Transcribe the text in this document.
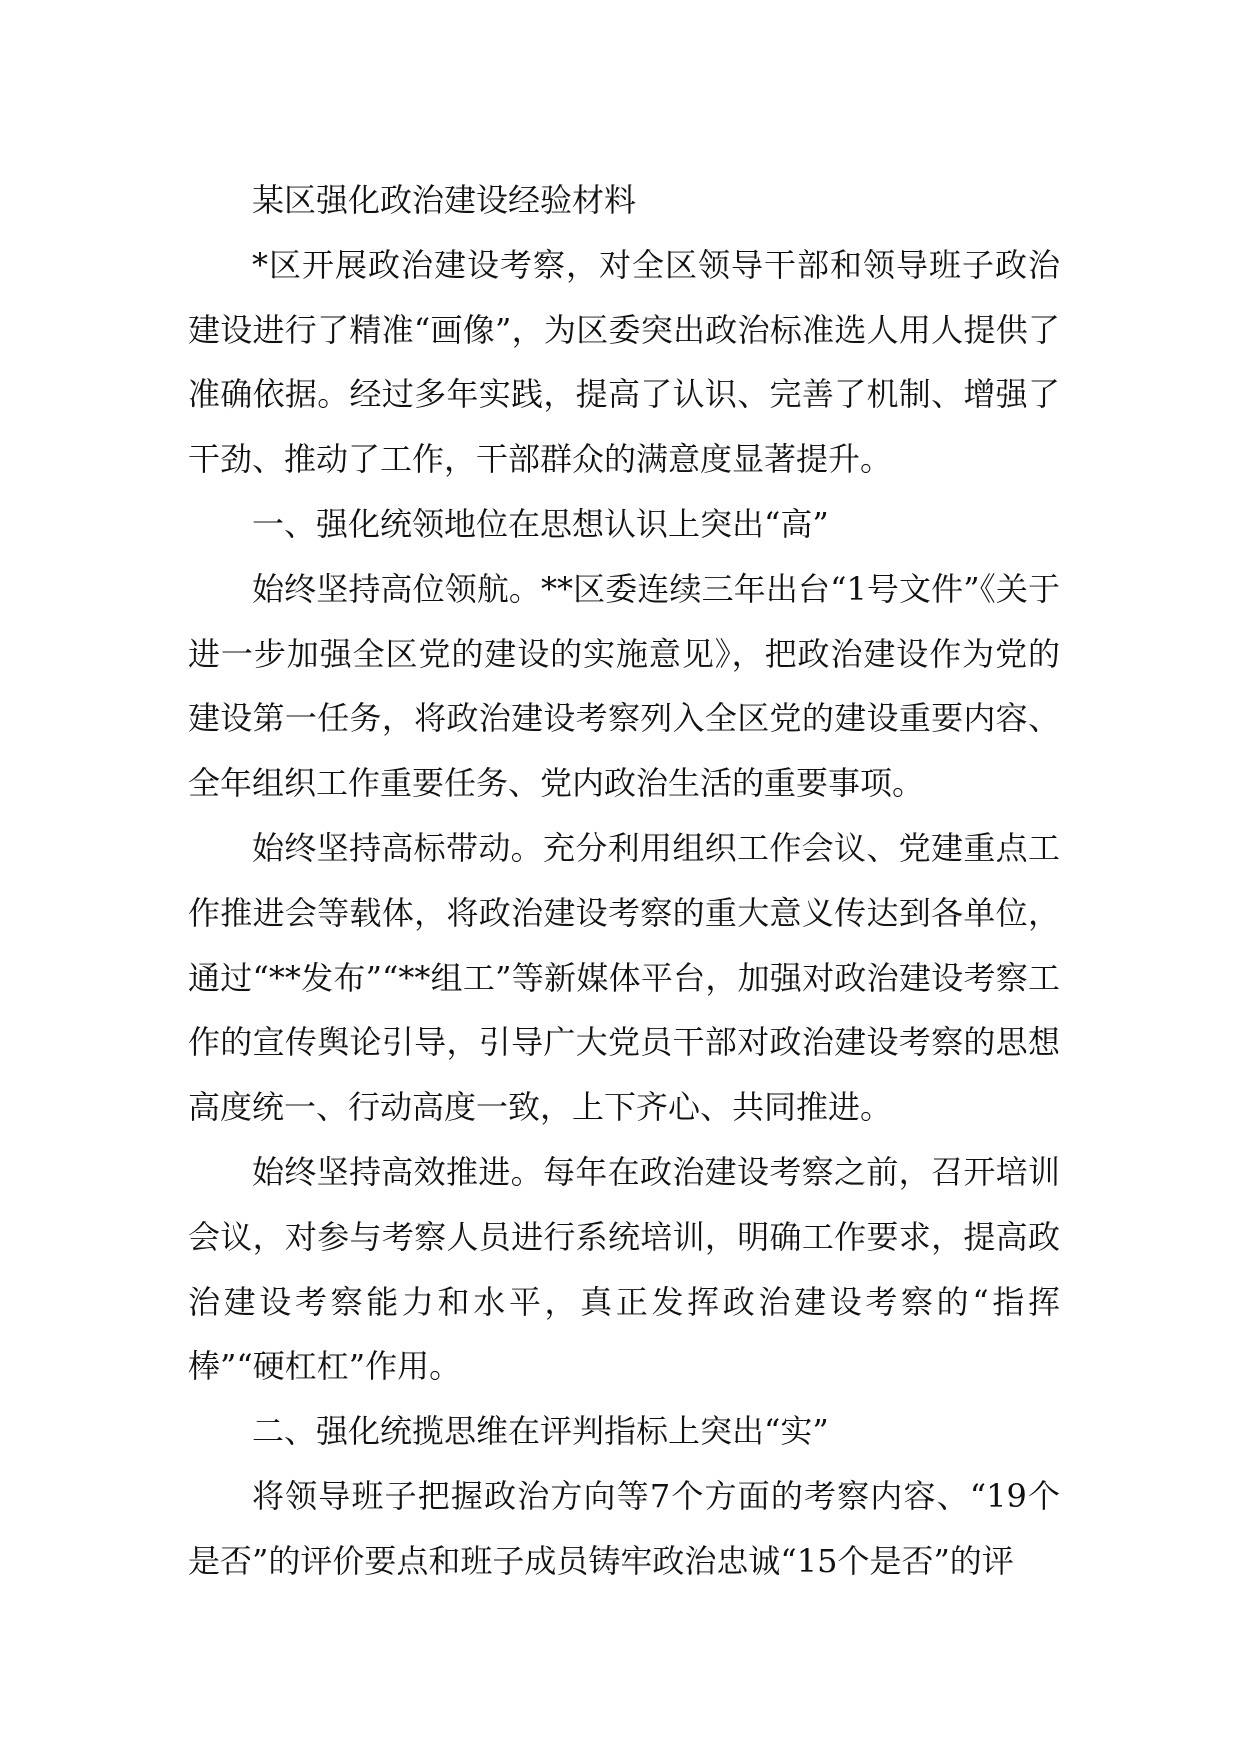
某区强化政治建设经验材料

*区开展政治建设考察，对全区领导干部和领导班子政治建设进行了精准“画像”，为区委突出政治标准选人用人提供了准确依据。经过多年实践，提高了认识、完善了机制、增强了干劲、推动了工作，干部群众的满意度显著提升。

一、强化统领地位在思想认识上突出“高”

始终坚持高位领航。**区委连续三年出台“1号文件”《关于进一步加强全区党的建设的实施意见》，把政治建设作为党的建设第一任务，将政治建设考察列入全区党的建设重要内容、全年组织工作重要任务、党内政治生活的重要事项。

始终坚持高标带动。充分利用组织工作会议、党建重点工作推进会等载体，将政治建设考察的重大意义传达到各单位，通过“**发布”“**组工”等新媒体平台，加强对政治建设考察工作的宣传舆论引导，引导广大党员干部对政治建设考察的思想高度统一、行动高度一致，上下齐心、共同推进。

始终坚持高效推进。每年在政治建设考察之前，召开培训会议，对参与考察人员进行系统培训，明确工作要求，提高政治建设考察能力和水平，真正发挥政治建设考察的“指挥棒”“硬杠杠”作用。

二、强化统揽思维在评判指标上突出“实”

将领导班子把握政治方向等7个方面的考察内容、“19个是否”的评价要点和班子成员铸牢政治忠诚“15个是否”的评
